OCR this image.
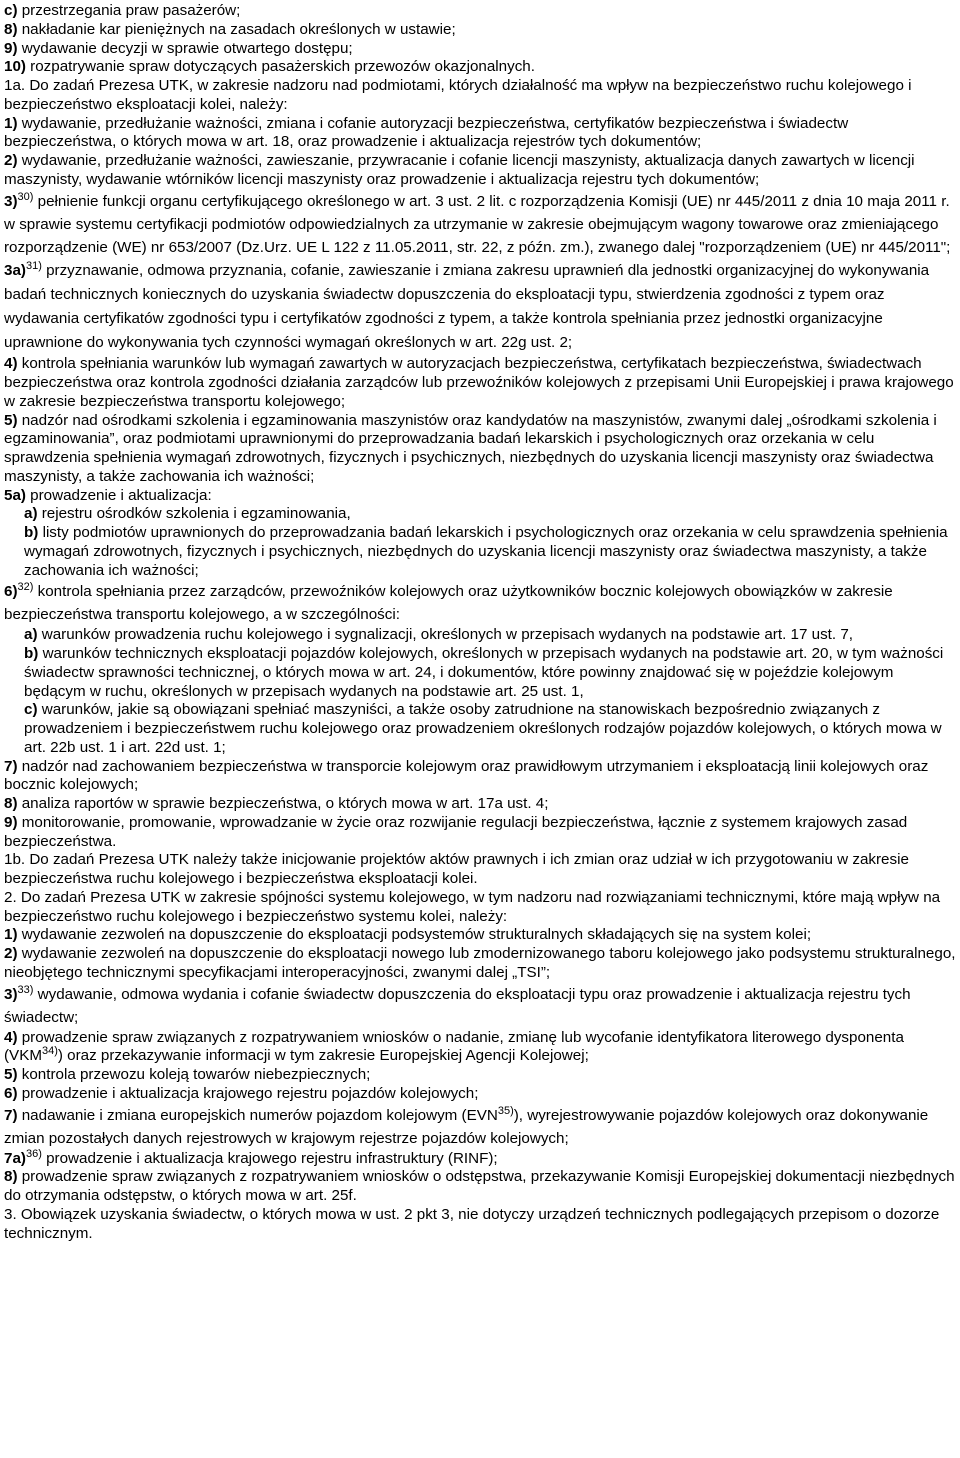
c) przestrzegania praw pasażerów;

8) nakładanie kar pieniężnych na zasadach określonych w ustawie;

9) wydawanie decyzji w sprawie otwartego dostępu;

10) rozpatrywanie spraw dotyczących pasażerskich przewozów okazjonalnych.

1a. Do zadań Prezesa UTK, w zakresie nadzoru nad podmiotami, których działalność ma wpływ na bezpieczeństwo ruchu kolejowego i bezpieczeństwo eksploatacji kolei, należy:

1) wydawanie, przedłużanie ważności, zmiana i cofanie autoryzacji bezpieczeństwa, certyfikatów bezpieczeństwa i świadectw bezpieczeństwa, o których mowa w art. 18, oraz prowadzenie i aktualizacja rejestrów tych dokumentów;

2) wydawanie, przedłużanie ważności, zawieszanie, przywracanie i cofanie licencji maszynisty, aktualizacja danych zawartych w licencji maszynisty, wydawanie wtórników licencji maszynisty oraz prowadzenie i aktualizacja rejestru tych dokumentów;

3)$^{30)}$ pełnienie funkcji organu certyfikującego określonego w art. 3 ust. 2 lit. c rozporządzenia Komisji (UE) nr 445/2011 z dnia 10 maja 2011 r. w sprawie systemu certyfikacji podmiotów odpowiedzialnych za utrzymanie w zakresie obejmującym wagony towarowe oraz zmieniającego rozporządzenie (WE) nr 653/2007 (Dz.Urz. UE L 122 z 11.05.2011, str. 22, z późn. zm.), zwanego dalej "rozporządzeniem (UE) nr 445/2011";

3a)$^{31)}$ przyznawanie, odmowa przyznania, cofanie, zawieszanie i zmiana zakresu uprawnień dla jednostki organizacyjnej do wykonywania badań technicznych koniecznych do uzyskania świadectw dopuszczenia do eksploatacji typu, stwierdzenia zgodności z typem oraz wydawania certyfikatów zgodności typu i certyfikatów zgodności z typem, a także kontrola spełniania przez jednostki organizacyjne uprawnione do wykonywania tych czynności wymagań określonych w art. 22g ust. 2;

4) kontrola spełniania warunków lub wymagań zawartych w autoryzacjach bezpieczeństwa, certyfikatach bezpieczeństwa, świadectwach bezpieczeństwa oraz kontrola zgodności działania zarządców lub przewoźników kolejowych z przepisami Unii Europejskiej i prawa krajowego w zakresie bezpieczeństwa transportu kolejowego;

5) nadzór nad ośrodkami szkolenia i egzaminowania maszynistów oraz kandydatów na maszynistów, zwanymi dalej „ośrodkami szkolenia i egzaminowania”, oraz podmiotami uprawnionymi do przeprowadzania badań lekarskich i psychologicznych oraz orzekania w celu sprawdzenia spełnienia wymagań zdrowotnych, fizycznych i psychicznych, niezbędnych do uzyskania licencji maszynisty oraz świadectwa maszynisty, a także zachowania ich ważności;

5a) prowadzenie i aktualizacja:

a) rejestru ośrodków szkolenia i egzaminowania,

b) listy podmiotów uprawnionych do przeprowadzania badań lekarskich i psychologicznych oraz orzekania w celu sprawdzenia spełnienia wymagań zdrowotnych, fizycznych i psychicznych, niezbędnych do uzyskania licencji maszynisty oraz świadectwa maszynisty, a także zachowania ich ważności;

6)$^{32)}$ kontrola spełniania przez zarządców, przewoźników kolejowych oraz użytkowników bocznic kolejowych obowiązków w zakresie bezpieczeństwa transportu kolejowego, a w szczególności:

a) warunków prowadzenia ruchu kolejowego i sygnalizacji, określonych w przepisach wydanych na podstawie art. 17 ust. 7,

b) warunków technicznych eksploatacji pojazdów kolejowych, określonych w przepisach wydanych na podstawie art. 20, w tym ważności świadectw sprawności technicznej, o których mowa w art. 24, i dokumentów, które powinny znajdować się w pojeździe kolejowym będącym w ruchu, określonych w przepisach wydanych na podstawie art. 25 ust. 1,

c) warunków, jakie są obowiązani spełniać maszyniści, a także osoby zatrudnione na stanowiskach bezpośrednio związanych z prowadzeniem i bezpieczeństwem ruchu kolejowego oraz prowadzeniem określonych rodzajów pojazdów kolejowych, o których mowa w art. 22b ust. 1 i art. 22d ust. 1;

7) nadzór nad zachowaniem bezpieczeństwa w transporcie kolejowym oraz prawidłowym utrzymaniem i eksploatacją linii kolejowych oraz bocznic kolejowych;

8) analiza raportów w sprawie bezpieczeństwa, o których mowa w art. 17a ust. 4;

9) monitorowanie, promowanie, wprowadzanie w życie oraz rozwijanie regulacji bezpieczeństwa, łącznie z systemem krajowych zasad bezpieczeństwa.

1b. Do zadań Prezesa UTK należy także inicjowanie projektów aktów prawnych i ich zmian oraz udział w ich przygotowaniu w zakresie bezpieczeństwa ruchu kolejowego i bezpieczeństwa eksploatacji kolei.

2. Do zadań Prezesa UTK w zakresie spójności systemu kolejowego, w tym nadzoru nad rozwiązaniami technicznymi, które mają wpływ na bezpieczeństwo ruchu kolejowego i bezpieczeństwo systemu kolei, należy:

1) wydawanie zezwoleń na dopuszczenie do eksploatacji podsystemów strukturalnych składających się na system kolei;

2) wydawanie zezwoleń na dopuszczenie do eksploatacji nowego lub zmodernizowanego taboru kolejowego jako podsystemu strukturalnego, nieobjętego technicznymi specyfikacjami interoperacyjności, zwanymi dalej „TSI”;

3)$^{33)}$ wydawanie, odmowa wydania i cofanie świadectw dopuszczenia do eksploatacji typu oraz prowadzenie i aktualizacja rejestru tych świadectw;

4) prowadzenie spraw związanych z rozpatrywaniem wniosków o nadanie, zmianę lub wycofanie identyfikatora literowego dysponenta (VKM$^{34)}$) oraz przekazywanie informacji w tym zakresie Europejskiej Agencji Kolejowej;

5) kontrola przewozu koleją towarów niebezpiecznych;

6) prowadzenie i aktualizacja krajowego rejestru pojazdów kolejowych;

7) nadawanie i zmiana europejskich numerów pojazdom kolejowym (EVN$^{35)}$), wyrejestrowywanie pojazdów kolejowych oraz dokonywanie zmian pozostałych danych rejestrowych w krajowym rejestrze pojazdów kolejowych;

7a)$^{36)}$ prowadzenie i aktualizacja krajowego rejestru infrastruktury (RINF);

8) prowadzenie spraw związanych z rozpatrywaniem wniosków o odstępstwa, przekazywanie Komisji Europejskiej dokumentacji niezbędnych do otrzymania odstępstw, o których mowa w art. 25f.

3. Obowiązek uzyskania świadectw, o których mowa w ust. 2 pkt 3, nie dotyczy urządzeń technicznych podlegających przepisom o dozorze technicznym.
